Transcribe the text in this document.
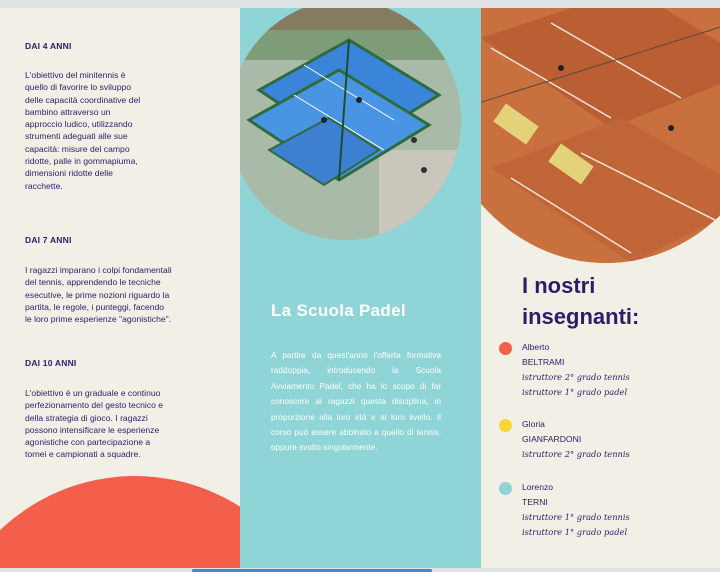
DAI 4 ANNI
L'obiettivo del minitennis è
quello di favorire lo sviluppo
delle capacità coordinative del
bambino attraverso un
approccio ludico, utilizzando
strumenti adeguati alle sue
capacità: misure del campo
ridotte, palle in gommapiuma,
dimensioni ridotte delle
racchette.
DAI 7 ANNI
I ragazzi imparano i colpi fondamentali
del tennis, apprendendo le tecniche
esecutive, le prime nozioni riguardo la
partita, le regole, i punteggi, facendo
le loro prime esperienze "agonistiche".
DAI 10 ANNI
L'obiettivo è un graduale e continuo
perfezionamento del gesto tecnico e
della strategia di gioco. I ragazzi
possono intensificare le esperienze
agonistiche con partecipazione a
tornei e campionati a squadre.
La Scuola Padel
A partire da quest'anno l'offerta formativa raddoppia, introducendo la Scuola Avviamento Padel, che ha lo scopo di far conoscere ai ragazzi questa disciplina, in proporzione alla loro età e al loro livello. Il corso può essere abbinato a quello di tennis, oppure svolto singolarmente.
I nostri insegnanti:
Alberto
BELTRAMI
istruttore 2° grado tennis
istruttore 1° grado padel
Gloria
GIANFARDONI
istruttore 2° grado tennis
Lorenzo
TERNI
istruttore 1° grado tennis
istruttore 1° grado padel
